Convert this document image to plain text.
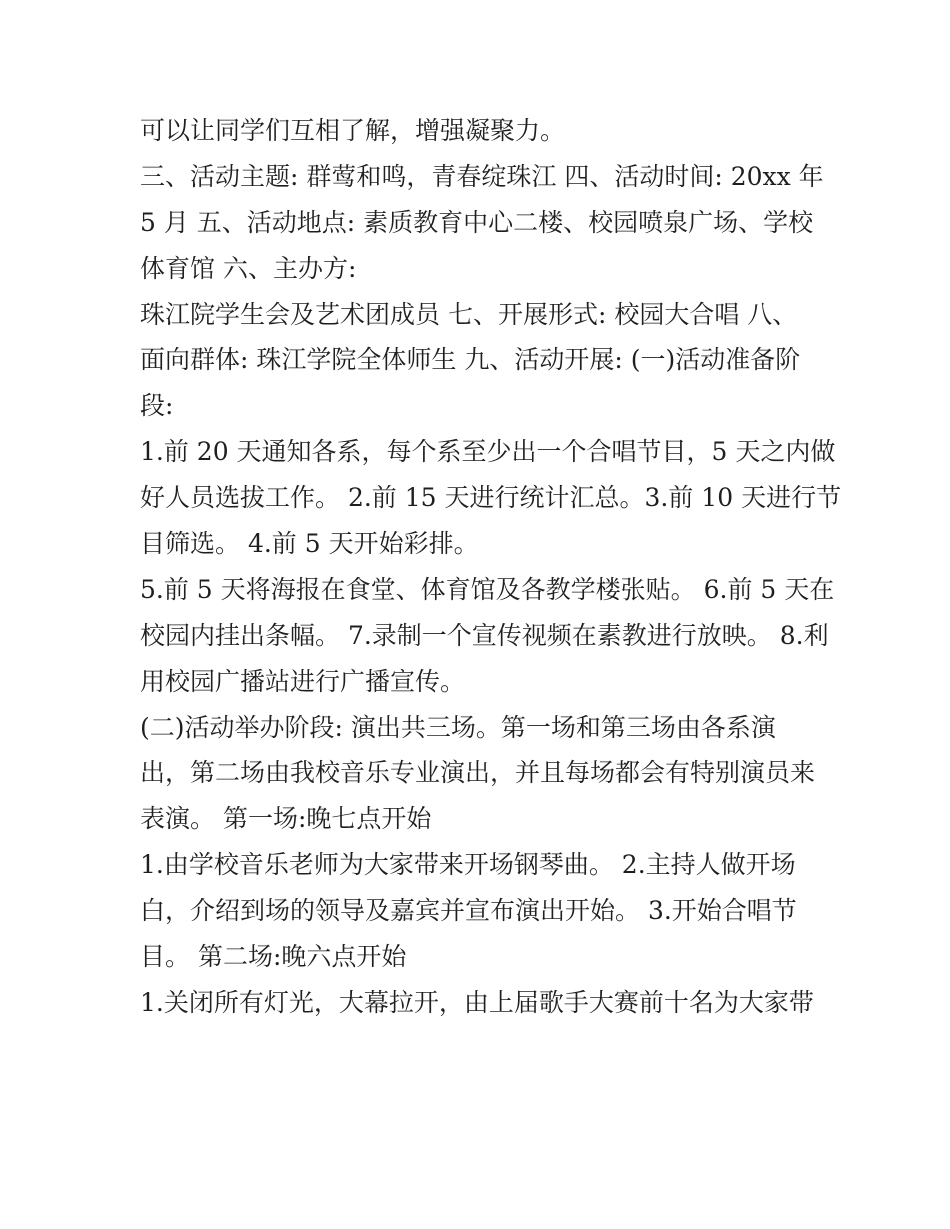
可以让同学们互相了解，增强凝聚力。
三、活动主题: 群莺和鸣，青春绽珠江 四、活动时间: 20xx 年
5 月 五、活动地点: 素质教育中心二楼、校园喷泉广场、学校
体育馆 六、主办方:
珠江院学生会及艺术团成员 七、开展形式: 校园大合唱 八、
面向群体: 珠江学院全体师生 九、活动开展: (一)活动准备阶
段:
1.前 20 天通知各系，每个系至少出一个合唱节目，5 天之内做
好人员选拔工作。 2.前 15 天进行统计汇总。3.前 10 天进行节
目筛选。 4.前 5 天开始彩排。
5.前 5 天将海报在食堂、体育馆及各教学楼张贴。 6.前 5 天在
校园内挂出条幅。 7.录制一个宣传视频在素教进行放映。 8.利
用校园广播站进行广播宣传。
(二)活动举办阶段: 演出共三场。第一场和第三场由各系演
出，第二场由我校音乐专业演出，并且每场都会有特别演员来
表演。 第一场:晚七点开始
1.由学校音乐老师为大家带来开场钢琴曲。 2.主持人做开场
白，介绍到场的领导及嘉宾并宣布演出开始。 3.开始合唱节
目。 第二场:晚六点开始
1.关闭所有灯光，大幕拉开，由上届歌手大赛前十名为大家带
